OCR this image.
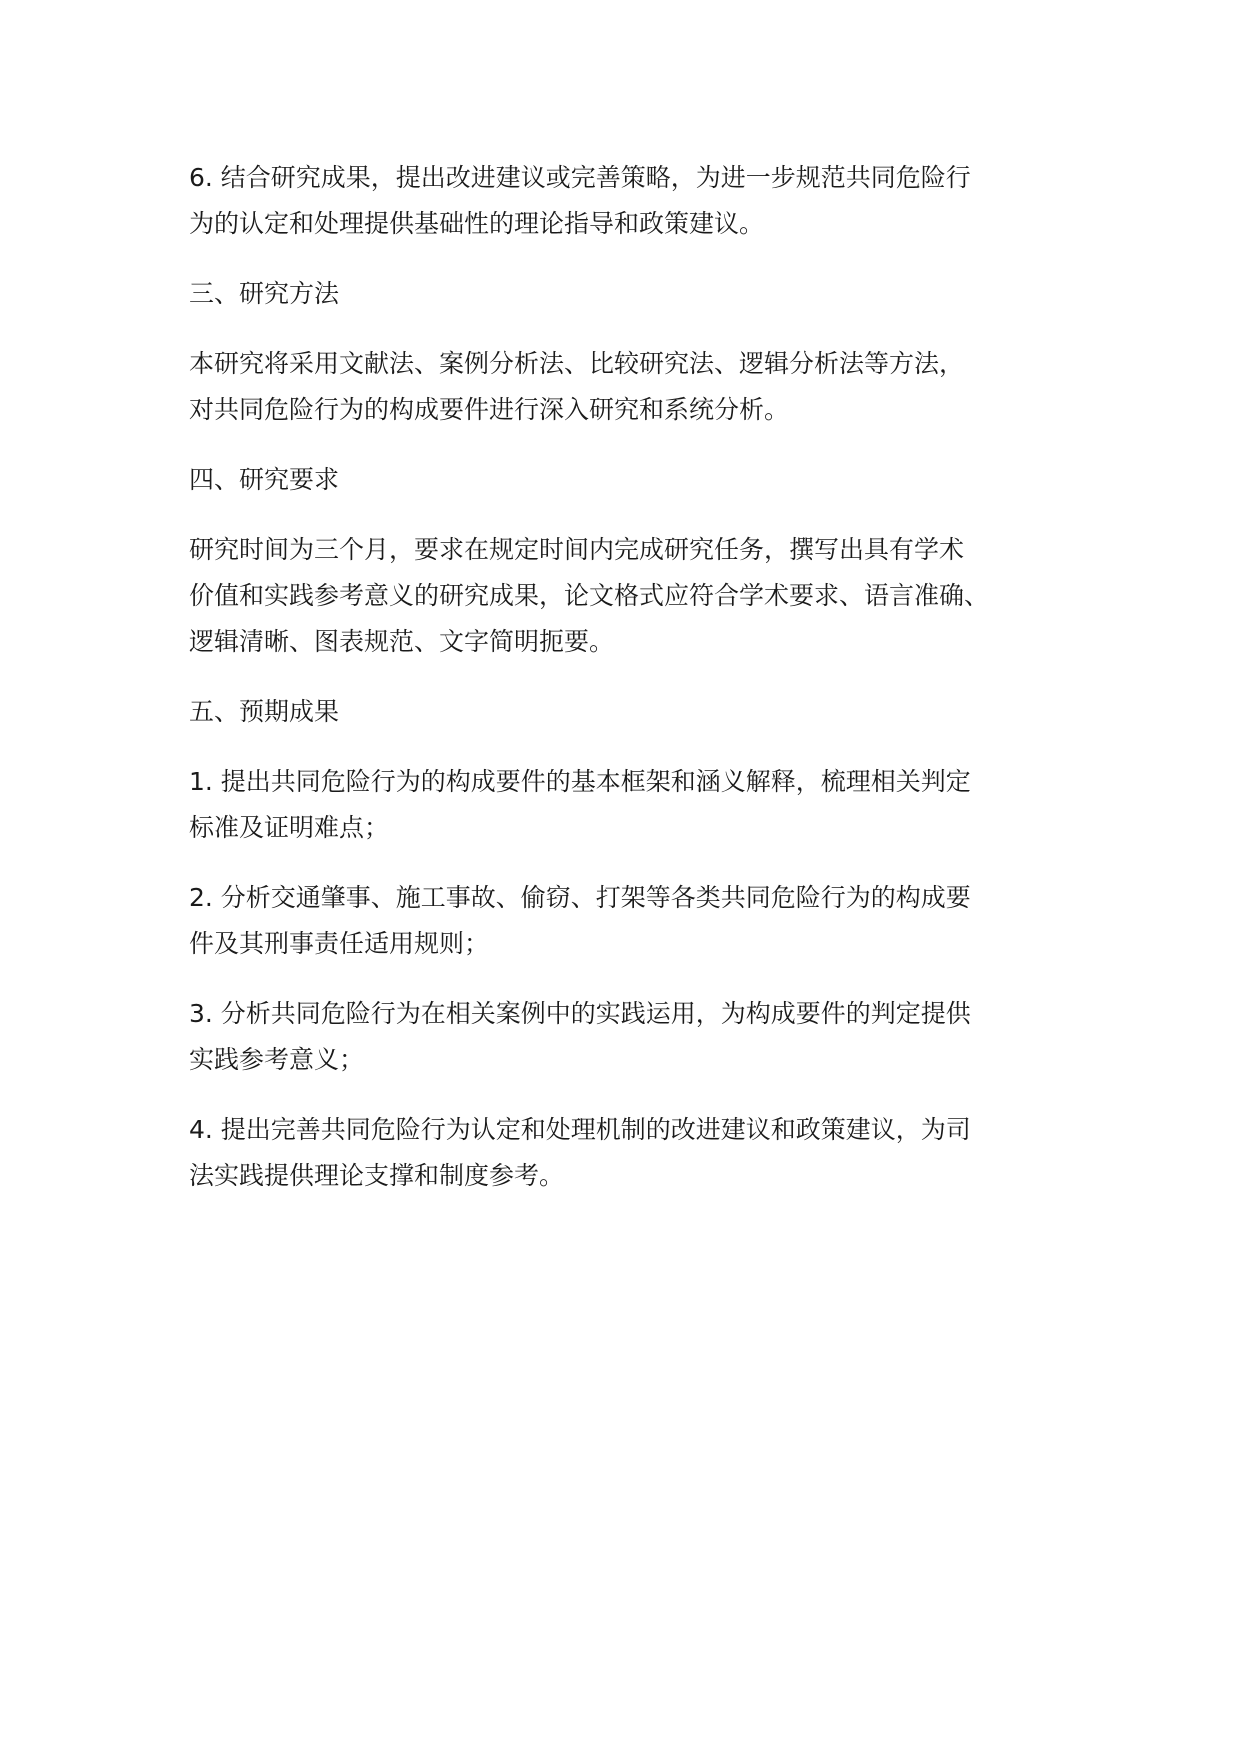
6. 结合研究成果，提出改进建议或完善策略，为进一步规范共同危险行
为的认定和处理提供基础性的理论指导和政策建议。

三、研究方法

本研究将采用文献法、案例分析法、比较研究法、逻辑分析法等方法，
对共同危险行为的构成要件进行深入研究和系统分析。

四、研究要求

研究时间为三个月，要求在规定时间内完成研究任务，撰写出具有学术
价值和实践参考意义的研究成果，论文格式应符合学术要求、语言准确、
逻辑清晰、图表规范、文字简明扼要。

五、预期成果

1. 提出共同危险行为的构成要件的基本框架和涵义解释，梳理相关判定
标准及证明难点；

2. 分析交通肇事、施工事故、偷窃、打架等各类共同危险行为的构成要
件及其刑事责任适用规则；

3. 分析共同危险行为在相关案例中的实践运用，为构成要件的判定提供
实践参考意义；

4. 提出完善共同危险行为认定和处理机制的改进建议和政策建议，为司
法实践提供理论支撑和制度参考。
